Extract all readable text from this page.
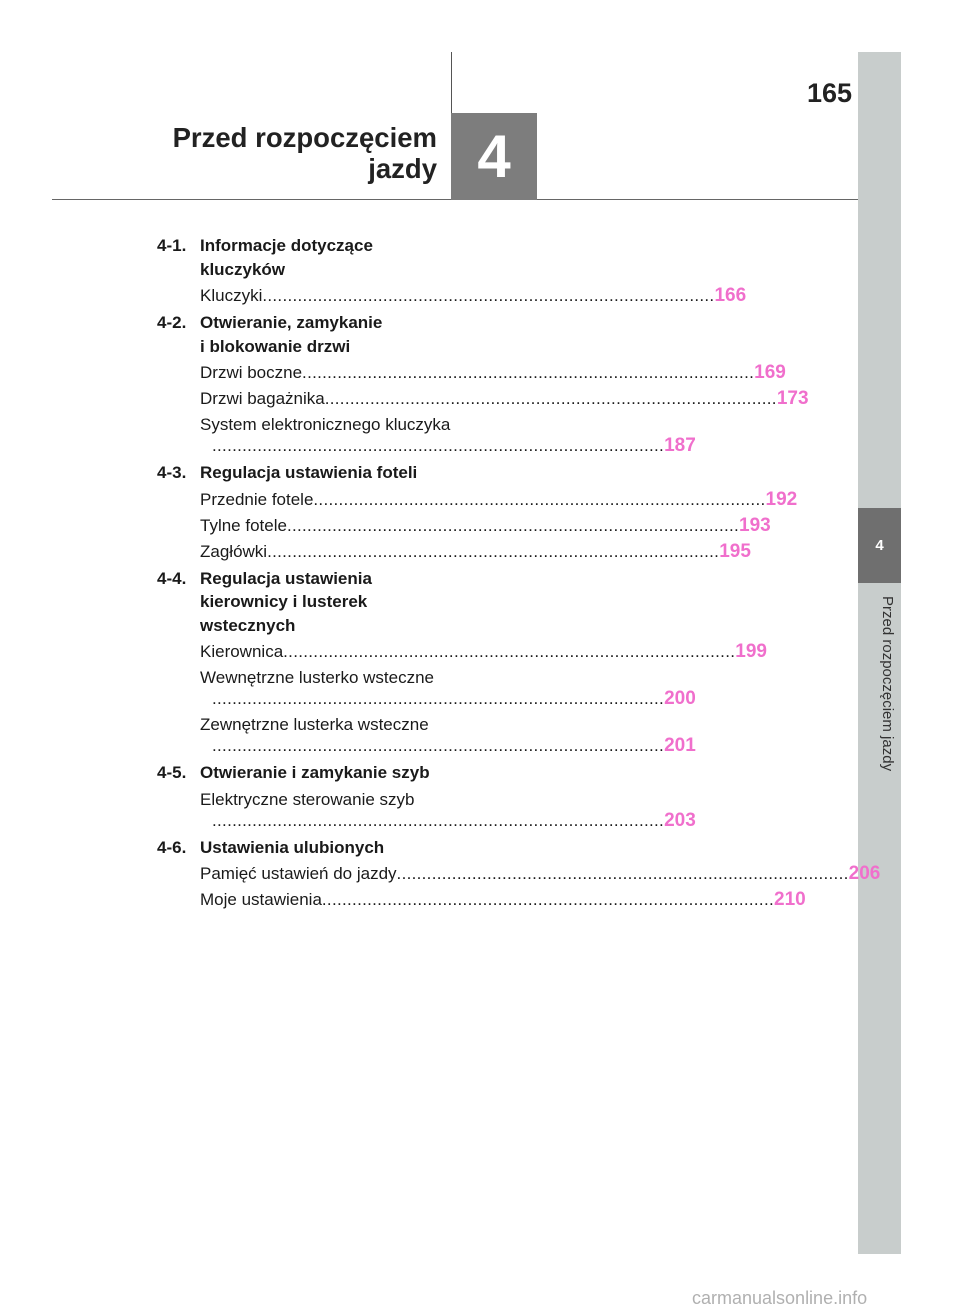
Przed rozpoczęciem
jazdy 4
165
4
Przed rozpoczęciem jazdy
4-1. Informacje dotyczące
kluczyków
Kluczyki .......................................................................................... 166
4-2. Otwieranie, zamykanie
i blokowanie drzwi
Drzwi boczne .......................................................................................... 169
Drzwi bagażnika .......................................................................................... 173
System elektronicznego kluczyka
.......................................................................................... 187
4-3. Regulacja ustawienia foteli
Przednie fotele .......................................................................................... 192
Tylne fotele .......................................................................................... 193
Zagłówki .......................................................................................... 195
4-4. Regulacja ustawienia
kierownicy i lusterek
wstecznych
Kierownica .......................................................................................... 199
Wewnętrzne lusterko wsteczne
.......................................................................................... 200
Zewnętrzne lusterka wsteczne
.......................................................................................... 201
4-5. Otwieranie i zamykanie szyb
Elektryczne sterowanie szyb
.......................................................................................... 203
4-6. Ustawienia ulubionych
Pamięć ustawień do jazdy .......................................................................................... 206
Moje ustawienia .......................................................................................... 210
carmanualsonline.info
